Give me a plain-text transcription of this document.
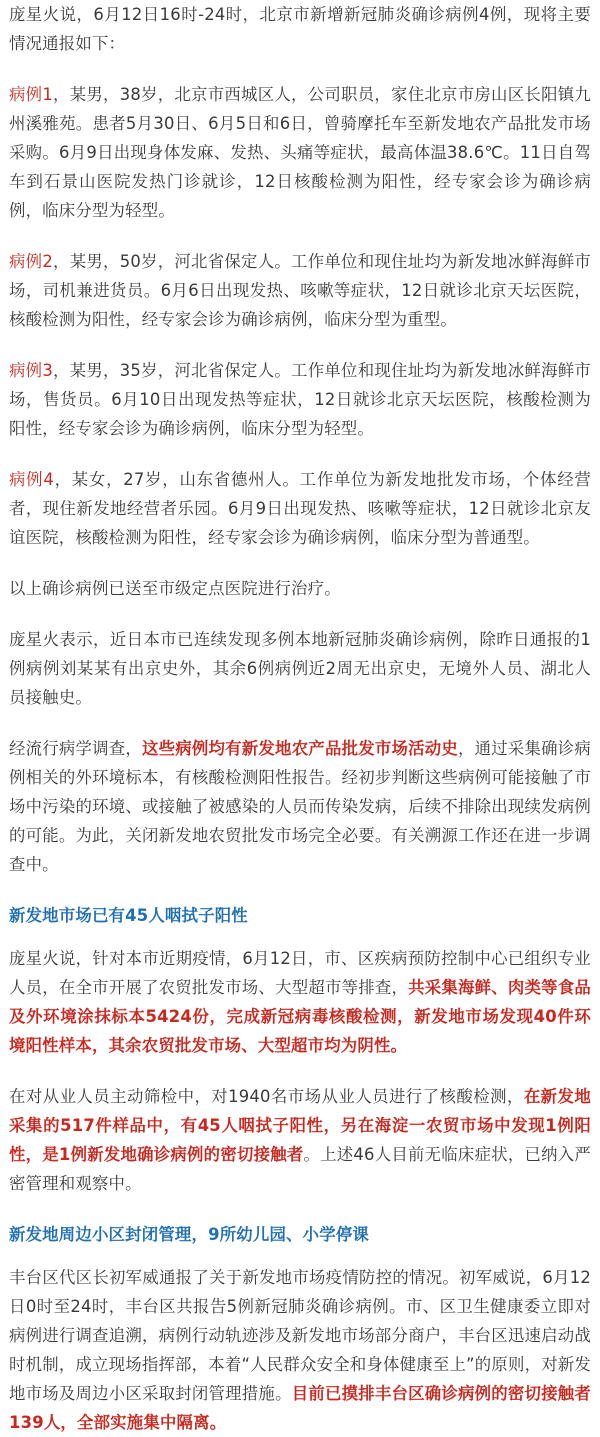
庞星火说，6月12日16时-24时，北京市新增新冠肺炎确诊病例4例，现将主要情况通报如下：

病例1，某男，38岁，北京市西城区人，公司职员，家住北京市房山区长阳镇九州溪雅苑。患者5月30日、6月5日和6日，曾骑摩托车至新发地农产品批发市场采购。6月9日出现身体发麻、发热、头痛等症状，最高体温38.6℃。11日自驾车到石景山医院发热门诊就诊，12日核酸检测为阳性，经专家会诊为确诊病例，临床分型为轻型。

病例2，某男，50岁，河北省保定人。工作单位和现住址均为新发地冰鲜海鲜市场，司机兼进货员。6月6日出现发热、咳嗽等症状，12日就诊北京天坛医院，核酸检测为阳性，经专家会诊为确诊病例，临床分型为重型。

病例3，某男，35岁，河北省保定人。工作单位和现住址均为新发地冰鲜海鲜市场，售货员。6月10日出现发热等症状，12日就诊北京天坛医院，核酸检测为阳性，经专家会诊为确诊病例，临床分型为轻型。

病例4，某女，27岁，山东省德州人。工作单位为新发地批发市场，个体经营者，现住新发地经营者乐园。6月9日出现发热、咳嗽等症状，12日就诊北京友谊医院，核酸检测为阳性，经专家会诊为确诊病例，临床分型为普通型。

以上确诊病例已送至市级定点医院进行治疗。

庞星火表示，近日本市已连续发现多例本地新冠肺炎确诊病例，除昨日通报的1例病例刘某某有出京史外，其余6例病例近2周无出京史，无境外人员、湖北人员接触史。

经流行病学调查，这些病例均有新发地农产品批发市场活动史，通过采集确诊病例相关的外环境标本，有核酸检测阳性报告。经初步判断这些病例可能接触了市场中污染的环境、或接触了被感染的人员而传染发病，后续不排除出现续发病例的可能。为此，关闭新发地农贸批发市场完全必要。有关溯源工作还在进一步调查中。

新发地市场已有45人咽拭子阳性

庞星火说，针对本市近期疫情，6月12日，市、区疾病预防控制中心已组织专业人员，在全市开展了农贸批发市场、大型超市等排查，共采集海鲜、肉类等食品及外环境涂抹标本5424份，完成新冠病毒核酸检测，新发地市场发现40件环境阳性样本，其余农贸批发市场、大型超市均为阴性。

在对从业人员主动筛检中，对1940名市场从业人员进行了核酸检测，在新发地采集的517件样品中，有45人咽拭子阳性，另在海淀一农贸市场中发现1例阳性，是1例新发地确诊病例的密切接触者。上述46人目前无临床症状，已纳入严密管理和观察中。

新发地周边小区封闭管理，9所幼儿园、小学停课

丰台区代区长初军威通报了关于新发地市场疫情防控的情况。初军威说，6月12日0时至24时，丰台区共报告5例新冠肺炎确诊病例。市、区卫生健康委立即对病例进行调查追溯，病例行动轨迹涉及新发地市场部分商户，丰台区迅速启动战时机制，成立现场指挥部，本着“人民群众安全和身体健康至上”的原则，对新发地市场及周边小区采取封闭管理措施。目前已摸排丰台区确诊病例的密切接触者139人，全部实施集中隔离。
